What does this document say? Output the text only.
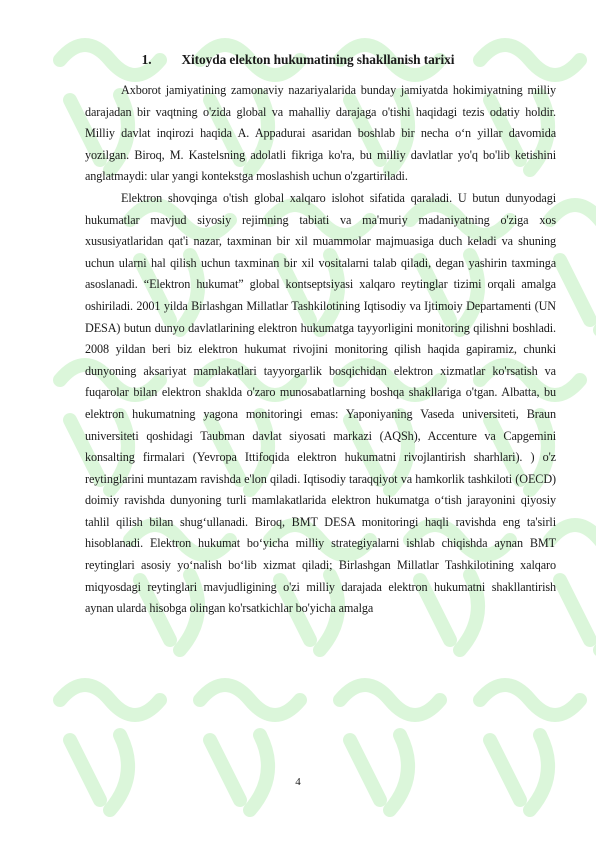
1. Xitoyda elekton hukumatining shakllanish tarixi

Axborot jamiyatining zamonaviy nazariyalarida bunday jamiyatda hokimiyatning milliy darajadan bir vaqtning o'zida global va mahalliy darajaga o'tishi haqidagi tezis odatiy holdir. Milliy davlat inqirozi haqida A. Appadurai asaridan boshlab bir necha o‘n yillar davomida yozilgan. Biroq, M. Kastelsning adolatli fikriga ko'ra, bu milliy davlatlar yo'q bo'lib ketishini anglatmaydi: ular yangi kontekstga moslashish uchun o'zgartiriladi.

Elektron shovqinga o'tish global xalqaro islohot sifatida qaraladi. U butun dunyodagi hukumatlar mavjud siyosiy rejimning tabiati va ma'muriy madaniyatning o'ziga xos xususiyatlaridan qat'i nazar, taxminan bir xil muammolar majmuasiga duch keladi va shuning uchun ularni hal qilish uchun taxminan bir xil vositalarni talab qiladi, degan yashirin taxminga asoslanadi. “Elektron hukumat” global kontseptsiyasi xalqaro reytinglar tizimi orqali amalga oshiriladi. 2001 yilda Birlashgan Millatlar Tashkilotining Iqtisodiy va Ijtimoiy Departamenti (UN DESA) butun dunyo davlatlarining elektron hukumatga tayyorligini monitoring qilishni boshladi. 2008 yildan beri biz elektron hukumat rivojini monitoring qilish haqida gapiramiz, chunki dunyoning aksariyat mamlakatlari tayyorgarlik bosqichidan elektron xizmatlar ko'rsatish va fuqarolar bilan elektron shaklda o'zaro munosabatlarning boshqa shakllariga o'tgan. Albatta, bu elektron hukumatning yagona monitoringi emas: Yaponiyaning Vaseda universiteti, Braun universiteti qoshidagi Taubman davlat siyosati markazi (AQSh), Accenture va Capgemini konsalting firmalari (Yevropa Ittifoqida elektron hukumatni rivojlantirish sharhlari). ) o'z reytinglarini muntazam ravishda e'lon qiladi. Iqtisodiy taraqqiyot va hamkorlik tashkiloti (OECD) doimiy ravishda dunyoning turli mamlakatlarida elektron hukumatga o‘tish jarayonini qiyosiy tahlil qilish bilan shug‘ullanadi. Biroq, BMT DESA monitoringi haqli ravishda eng ta'sirli hisoblanadi. Elektron hukumat bo‘yicha milliy strategiyalarni ishlab chiqishda aynan BMT reytinglari asosiy yo‘nalish bo‘lib xizmat qiladi; Birlashgan Millatlar Tashkilotining xalqaro miqyosdagi reytinglari mavjudligining o'zi milliy darajada elektron hukumatni shakllantirish aynan ularda hisobga olingan ko'rsatkichlar bo'yicha amalga

4
